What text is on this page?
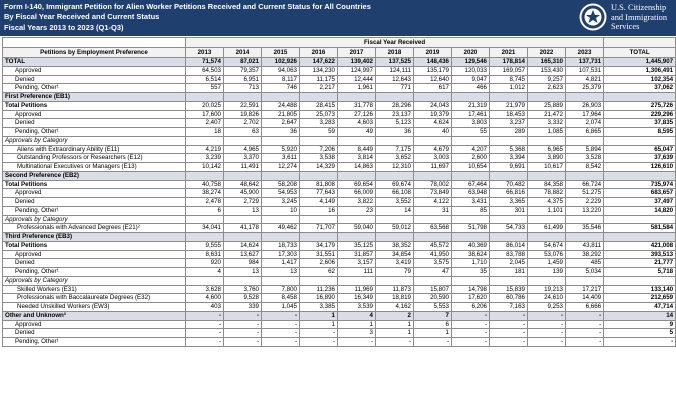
Form I-140, Immigrant Petition for Alien Worker Petitions Received and Current Status for All Countries
By Fiscal Year Received and Current Status
Fiscal Years 2013 to 2023 (Q1-Q3)
U.S. Citizenship
and Immigration
Services
	Fiscal Year Received											
Petitions by Employment Preference	2013	2014	2015	2016	2017	2018	2019	2020	2021	2022	2023	TOTAL
TOTAL	71,574	87,021	102,926	147,622	139,402	137,525	148,436	129,546	178,814	165,310	137,731	1,445,907
Approved	64,503	79,357	94,063	134,230	124,997	124,111	135,179	120,033	169,057	153,430	107,531	1,306,491
Denied	6,514	6,951	8,117	11,175	12,444	12,643	12,640	9,047	8,745	9,257	4,821	102,354
Pending, Other¹	557	713	746	2,217	1,961	771	617	466	1,012	2,623	25,379	37,062
First Preference (EB1)												
Total Petitions	20,025	22,591	24,488	28,415	31,778	28,296	24,043	21,319	21,979	25,889	26,903	275,726
Approved	17,600	19,826	21,805	25,073	27,126	23,137	19,379	17,461	18,453	21,472	17,964	229,296
Denied	2,407	2,702	2,647	3,283	4,603	5,123	4,624	3,803	3,237	3,332	2,074	37,835
Pending, Other¹	18	63	36	59	49	36	40	55	289	1,085	6,865	8,595
Approvals by Category												
Aliens with Extraordinary Ability (E11)	4,219	4,965	5,920	7,206	8,449	7,175	4,679	4,207	5,368	6,965	5,894	65,047
Outstanding Professors or Researchers (E12)	3,239	3,370	3,611	3,538	3,814	3,652	3,003	2,600	3,394	3,890	3,528	37,639
Multinational Executives or Managers (E13)	10,142	11,491	12,274	14,329	14,863	12,310	11,697	10,654	9,691	10,617	8,542	126,610
Second Preference (EB2)												
Total Petitions	40,758	48,642	58,208	81,808	69,654	69,674	78,002	67,464	70,482	84,358	66,724	735,974
Approved	38,274	45,900	54,953	77,643	66,009	66,108	73,849	63,948	66,816	78,882	51,275	683,657
Denied	2,478	2,729	3,245	4,149	3,822	3,552	4,122	3,431	3,365	4,375	2,229	37,497
Pending, Other¹	6	13	10	16	23	14	31	85	301	1,101	13,220	14,820
Approvals by Category												
Professionals with Advanced Degrees (E21)²	34,041	41,178	49,462	71,707	59,040	59,012	63,568	51,798	54,733	61,499	35,546	581,584
Third Preference (EB3)												
Total Petitions	9,555	14,624	18,733	34,179	35,125	38,352	45,572	40,369	86,014	54,674	43,811	421,008
Approved	8,631	13,627	17,303	31,551	31,857	34,854	41,950	38,624	83,788	53,076	38,292	393,513
Denied	920	984	1,417	2,606	3,157	3,419	3,575	1,710	2,045	1,459	485	21,777
Pending, Other¹	4	13	13	62	111	79	47	35	181	139	5,034	5,718
Approvals by Category												
Skilled Workers (E31)	3,628	3,760	7,800	11,236	11,969	11,873	15,807	14,798	15,839	19,213	17,217	133,140
Professionals with Baccalaureate Degrees (E32)	4,600	9,528	8,458	16,890	16,349	18,819	20,590	17,620	60,786	24,610	14,409	212,659
Needed Unskilled Workers (EW3)	403	339	1,045	3,385	3,539	4,162	5,553	6,206	7,163	9,253	6,666	47,714
Other and Unknown³	-	-	-	1	4	2	7	-	-	-	-	14
Approved	-	-	-	1	1	1	6	-	-	-	-	9
Denied	-	-	-	-	3	1	1	-	-	-	-	5
Pending, Other¹	-	-	-	-	-	-	-	-	-	-	-	-
